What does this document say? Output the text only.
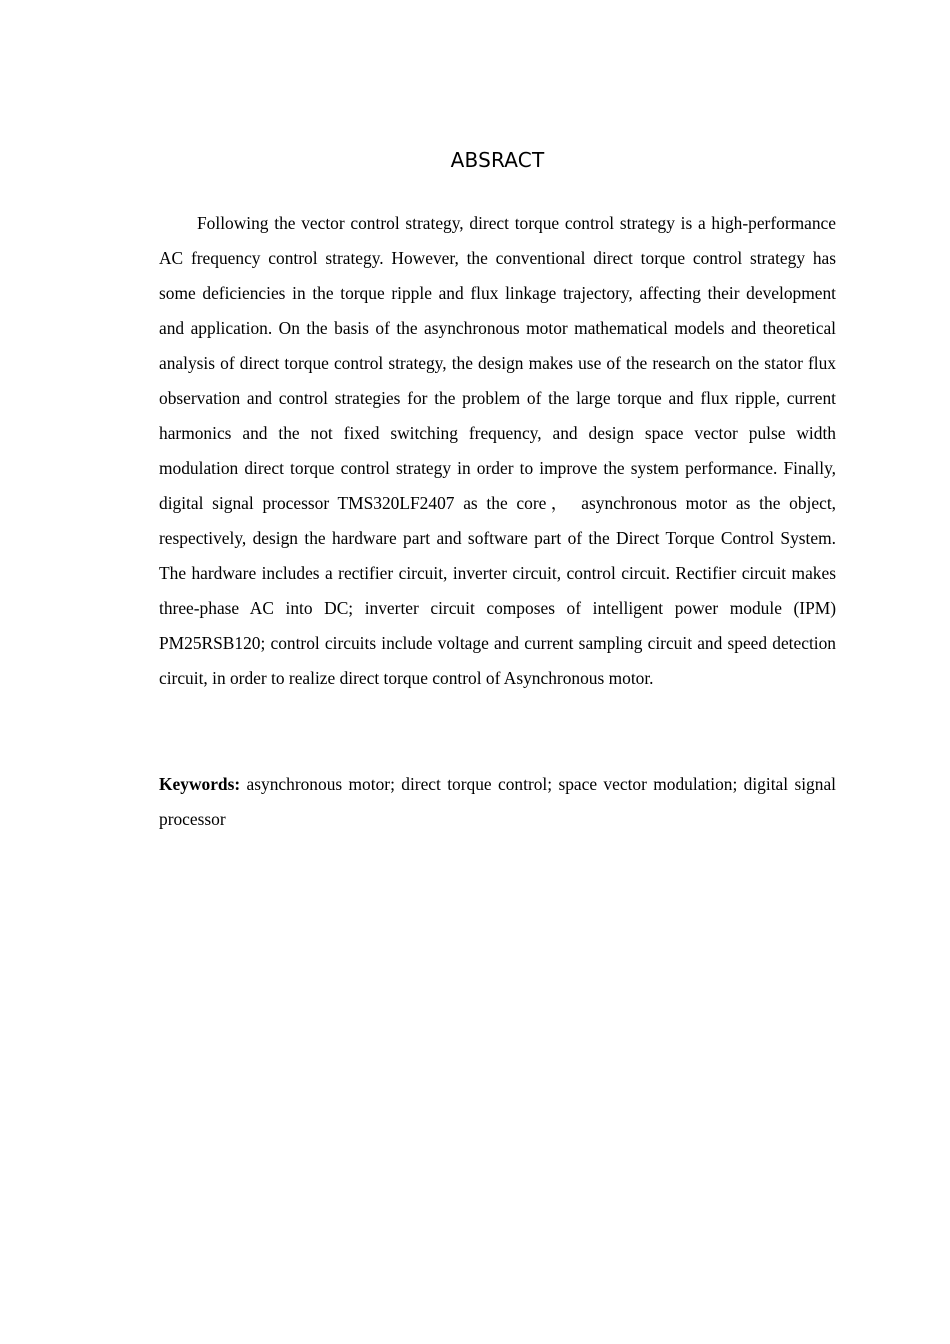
ABSRACT

Following the vector control strategy, direct torque control strategy is a high-performance AC frequency control strategy. However, the conventional direct torque control strategy has some deficiencies in the torque ripple and flux linkage trajectory, affecting their development and application. On the basis of the asynchronous motor mathematical models and theoretical analysis of direct torque control strategy, the design makes use of the research on the stator flux observation and control strategies for the problem of the large torque and flux ripple, current harmonics and the not fixed switching frequency, and design space vector pulse width modulation direct torque control strategy in order to improve the system performance. Finally, digital signal processor TMS320LF2407 as the core， asynchronous motor as the object, respectively, design the hardware part and software part of the Direct Torque Control System. The hardware includes a rectifier circuit, inverter circuit, control circuit. Rectifier circuit makes three-phase AC into DC; inverter circuit composes of intelligent power module (IPM) PM25RSB120; control circuits include voltage and current sampling circuit and speed detection circuit, in order to realize direct torque control of Asynchronous motor.

Keywords: asynchronous motor; direct torque control; space vector modulation; digital signal processor
